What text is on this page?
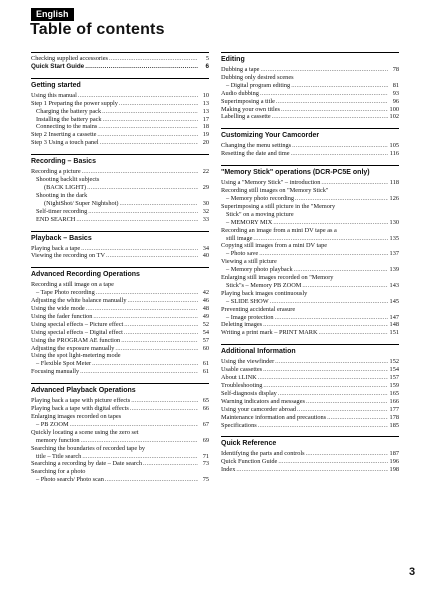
English
Table of contents
Checking supplied accessories .....	5
Quick Start Guide .....	6
Getting started
Using this manual .....	10
Step 1 Preparing the power supply .....	13
Charging the battery pack .....	13
Installing the battery pack .....	17
Connecting to the mains .....	18
Step 2 Inserting a cassette .....	19
Step 3 Using a touch panel .....	20
Recording – Basics
Recording a picture .....	22
Shooting backlit subjects
(BACK LIGHT) .....	29
Shooting in the dark
(NightShot/ Super Nightshot) .....	30
Self-timer recording .....	32
END SEARCH .....	33
Playback – Basics
Playing back a tape .....	34
Viewing the recording on TV .....	40
Advanced Recording Operations
Recording a still image on a tape
– Tape Photo recording .....	42
Adjusting the white balance manually .....	46
Using the wide mode .....	48
Using the fader function .....	49
Using special effects – Picture effect .....	52
Using special effects – Digital effect .....	54
Using the PROGRAM AE function .....	57
Adjusting the exposure manually .....	60
Using the spot light-metering mode
– Flexible Spot Meter .....	61
Focusing manually .....	61
Advanced Playback Operations
Playing back a tape with picture effects .....	65
Playing back a tape with digital effects .....	66
Enlarging images recorded on tapes
– PB ZOOM .....	67
Quickly locating a scene using the zero set
memory function .....	69
Searching the boundaries of recorded tape by
title – Title search .....	71
Searching a recording by date – Date search .....	73
Searching for a photo
– Photo search/ Photo scan .....	75
Editing
Dubbing a tape .....	78
Dubbing only desired scenes
– Digital program editing .....	81
Audio dubbing .....	93
Superimposing a title .....	96
Making your own titles .....	100
Labelling a cassette .....	102
Customizing Your Camcorder
Changing the menu settings .....	105
Resetting the date and time .....	116
"Memory Stick" operations (DCR-PC5E only)
Using a "Memory Stick" – introduction .....	118
Recording still images on "Memory Stick"
– Memory photo recording .....	126
Superimposing a still picture in the "Memory
Stick" on a moving picture
– MEMORY MIX .....	130
Recording an image from a mini DV tape as a
still image .....	135
Copying still images from a mini DV tape
– Photo save .....	137
Viewing a still picture
– Memory photo playback .....	139
Enlarging still images recorded on "Memory
Stick"s – Memory PB ZOOM .....	143
Playing back images continuously
– SLIDE SHOW .....	145
Preventing accidental erasure
– Image protection .....	147
Deleting images .....	148
Writing a print mark – PRINT MARK .....	151
Additional Information
Using the viewfinder .....	152
Usable cassettes .....	154
About i.LINK .....	157
Troubleshooting .....	159
Self-diagnosis display .....	165
Warning indicators and messages .....	166
Using your camcorder abroad .....	177
Maintenance information and precautions .....	178
Specifications .....	185
Quick Reference
Identifying the parts and controls .....	187
Quick Function Guide .....	196
Index .....	198
3
